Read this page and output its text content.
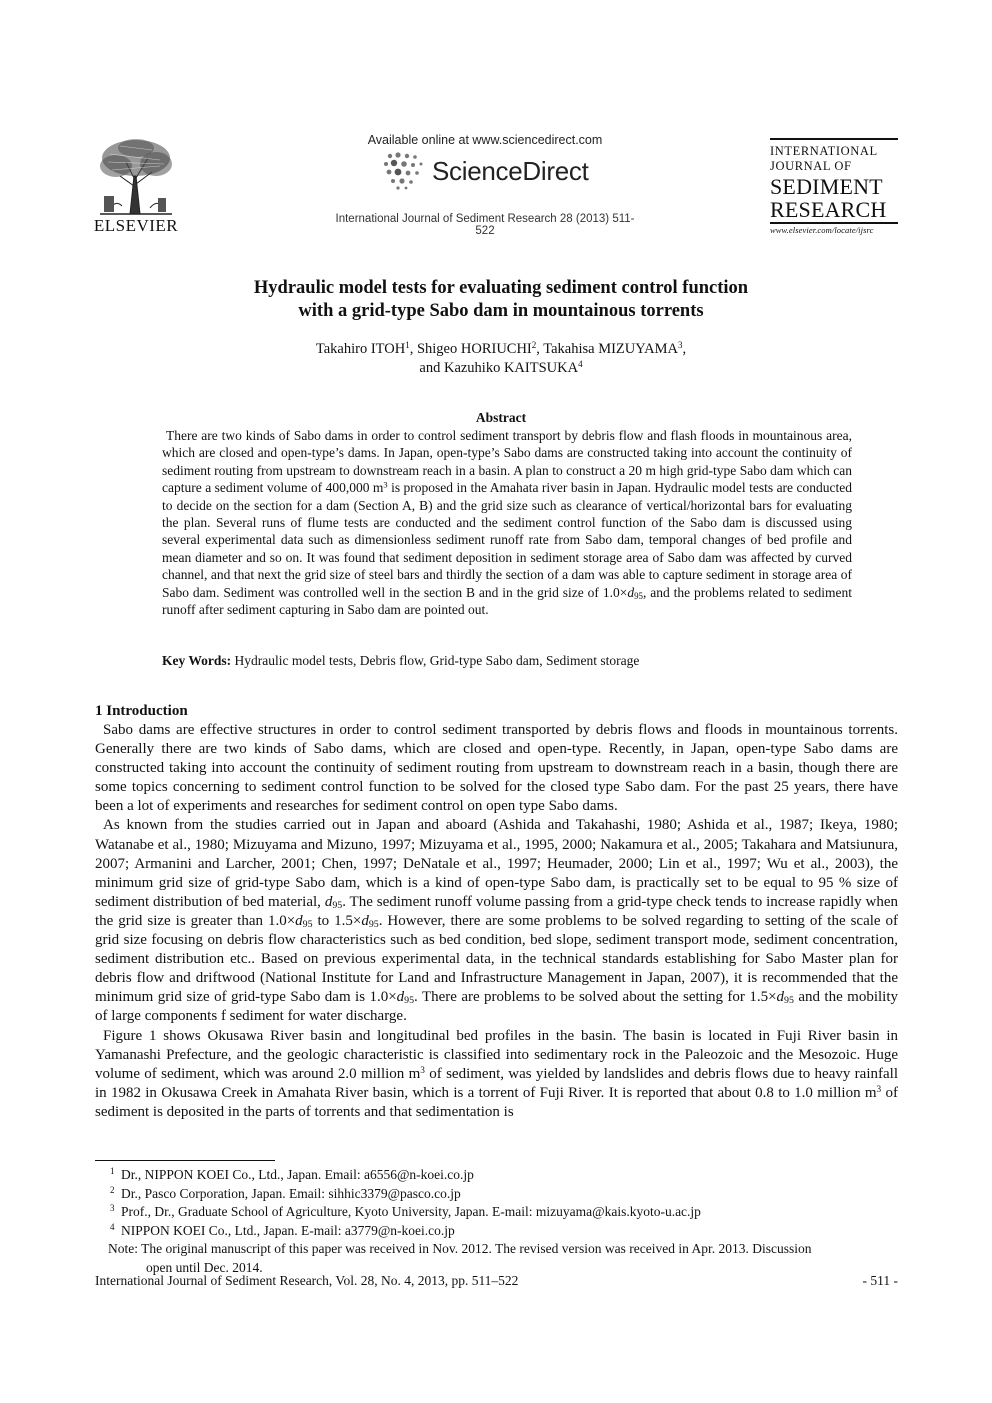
ELSEVIER
Available online at www.sciencedirect.com
ScienceDirect
International Journal of Sediment Research 28 (2013) 511-522
INTERNATIONAL
JOURNAL OF
SEDIMENT
RESEARCH
www.elsevier.com/locate/ijsrc
Hydraulic model tests for evaluating sediment control function
with a grid-type Sabo dam in mountainous torrents
Takahiro ITOH$^1$, Shigeo HORIUCHI$^2$, Takahisa MIZUYAMA$^3$,
and Kazuhiko KAITSUKA$^4$
Abstract

There are two kinds of Sabo dams in order to control sediment transport by debris flow and flash floods in mountainous area, which are closed and open-type’s dams. In Japan, open-type’s Sabo dams are constructed taking into account the continuity of sediment routing from upstream to downstream reach in a basin. A plan to construct a 20 m high grid-type Sabo dam which can capture a sediment volume of 400,000 $m^3$ is proposed in the Amahata river basin in Japan. Hydraulic model tests are conducted to decide on the section for a dam (Section A, B) and the grid size such as clearance of vertical/horizontal bars for evaluating the plan. Several runs of flume tests are conducted and the sediment control function of the Sabo dam is discussed using several experimental data such as dimensionless sediment runoff rate from Sabo dam, temporal changes of bed profile and mean diameter and so on. It was found that sediment deposition in sediment storage area of Sabo dam was affected by curved channel, and that next the grid size of steel bars and thirdly the section of a dam was able to capture sediment in storage area of Sabo dam. Sediment was controlled well in the section B and in the grid size of $1.0\times d_{95}$, and the problems related to sediment runoff after sediment capturing in Sabo dam are pointed out.

Key Words: Hydraulic model tests, Debris flow, Grid-type Sabo dam, Sediment storage
1 Introduction

Sabo dams are effective structures in order to control sediment transported by debris flows and floods in mountainous torrents. Generally there are two kinds of Sabo dams, which are closed and open-type. Recently, in Japan, open-type Sabo dams are constructed taking into account the continuity of sediment routing from upstream to downstream reach in a basin, though there are some topics concerning to sediment control function to be solved for the closed type Sabo dam. For the past 25 years, there have been a lot of experiments and researches for sediment control on open type Sabo dams.

As known from the studies carried out in Japan and aboard (Ashida and Takahashi, 1980; Ashida et al., 1987; Ikeya, 1980; Watanabe et al., 1980; Mizuyama and Mizuno, 1997; Mizuyama et al., 1995, 2000; Nakamura et al., 2005; Takahara and Matsiunura, 2007; Armanini and Larcher, 2001; Chen, 1997; DeNatale et al., 1997; Heumader, 2000; Lin et al., 1997; Wu et al., 2003), the minimum grid size of grid-type Sabo dam, which is a kind of open-type Sabo dam, is practically set to be equal to 95 % size of sediment distribution of bed material, $d_{95}$. The sediment runoff volume passing from a grid-type check tends to increase rapidly when the grid size is greater than $1.0\times d_{95}$ to $1.5\times d_{95}$. However, there are some problems to be solved regarding to setting of the scale of grid size focusing on debris flow characteristics such as bed condition, bed slope, sediment transport mode, sediment concentration, sediment distribution etc.. Based on previous experimental data, in the technical standards establishing for Sabo Master plan for debris flow and driftwood (National Institute for Land and Infrastructure Management in Japan, 2007), it is recommended that the minimum grid size of grid-type Sabo dam is $1.0\times d_{95}$. There are problems to be solved about the setting for $1.5\times d_{95}$ and the mobility of large components f sediment for water discharge.

Figure 1 shows Okusawa River basin and longitudinal bed profiles in the basin. The basin is located in Fuji River basin in Yamanashi Prefecture, and the geologic characteristic is classified into sedimentary rock in the Paleozoic and the Mesozoic. Huge volume of sediment, which was around 2.0 million $m^3$ of sediment, was yielded by landslides and debris flows due to heavy rainfall in 1982 in Okusawa Creek in Amahata River basin, which is a torrent of Fuji River. It is reported that about 0.8 to 1.0 million $m^3$ of sediment is deposited in the parts of torrents and that sedimentation is

1 Dr., NIPPON KOEI Co., Ltd., Japan. Email: a6556@n-koei.co.jp
2 Dr., Pasco Corporation, Japan. Email: sihhic3379@pasco.co.jp
3 Prof., Dr., Graduate School of Agriculture, Kyoto University, Japan. E-mail: mizuyama@kais.kyoto-u.ac.jp
4 NIPPON KOEI Co., Ltd., Japan. E-mail: a3779@n-koei.co.jp
Note: The original manuscript of this paper was received in Nov. 2012. The revised version was received in Apr. 2013. Discussion
open until Dec. 2014.
International Journal of Sediment Research, Vol. 28, No. 4, 2013, pp. 511–522	- 511 -
